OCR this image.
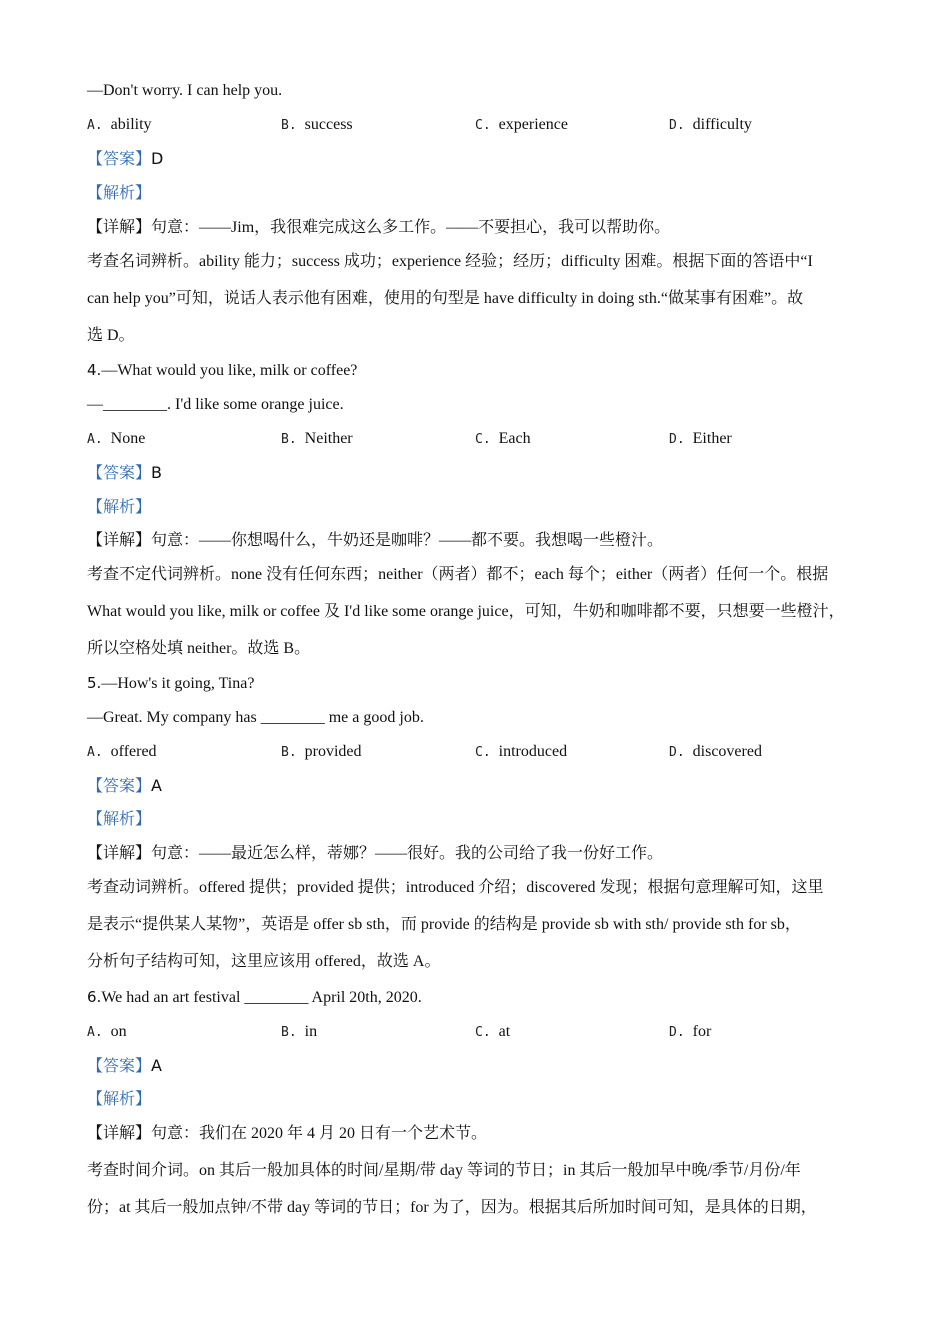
—Don't worry. I can help you.
A. ability	B. success	C. experience	D. difficulty
【答案】D
【解析】
【详解】句意：——Jim，我很难完成这么多工作。——不要担心，我可以帮助你。
考查名词辨析。ability 能力；success 成功；experience 经验；经历；difficulty 困难。根据下面的答语中“I
can help you”可知，说话人表示他有困难，使用的句型是 have difficulty in doing sth.“做某事有困难”。故
选 D。
4.—What would you like, milk or coffee?
—________. I'd like some orange juice.
A. None	B. Neither	C. Each	D. Either
【答案】B
【解析】
【详解】句意：——你想喝什么，牛奶还是咖啡？——都不要。我想喝一些橙汁。
考查不定代词辨析。none 没有任何东西；neither（两者）都不；each 每个；either（两者）任何一个。根据
What would you like, milk or coffee 及 I'd like some orange juice，可知，牛奶和咖啡都不要，只想要一些橙汁，
所以空格处填 neither。故选 B。
5.—How's it going, Tina?
—Great. My company has ________ me a good job.
A. offered	B. provided	C. introduced	D. discovered
【答案】A
【解析】
【详解】句意：——最近怎么样，蒂娜？——很好。我的公司给了我一份好工作。
考查动词辨析。offered 提供；provided 提供；introduced 介绍；discovered 发现；根据句意理解可知，这里
是表示“提供某人某物”，英语是 offer sb sth，而 provide 的结构是 provide sb with sth/ provide sth for sb，
分析句子结构可知，这里应该用 offered，故选 A。
6.We had an art festival ________ April 20th, 2020.
A. on	B. in	C. at	D. for
【答案】A
【解析】
【详解】句意：我们在 2020 年 4 月 20 日有一个艺术节。
考查时间介词。on 其后一般加具体的时间/星期/带 day 等词的节日；in 其后一般加早中晚/季节/月份/年
份；at 其后一般加点钟/不带 day 等词的节日；for 为了，因为。根据其后所加时间可知，是具体的日期，
